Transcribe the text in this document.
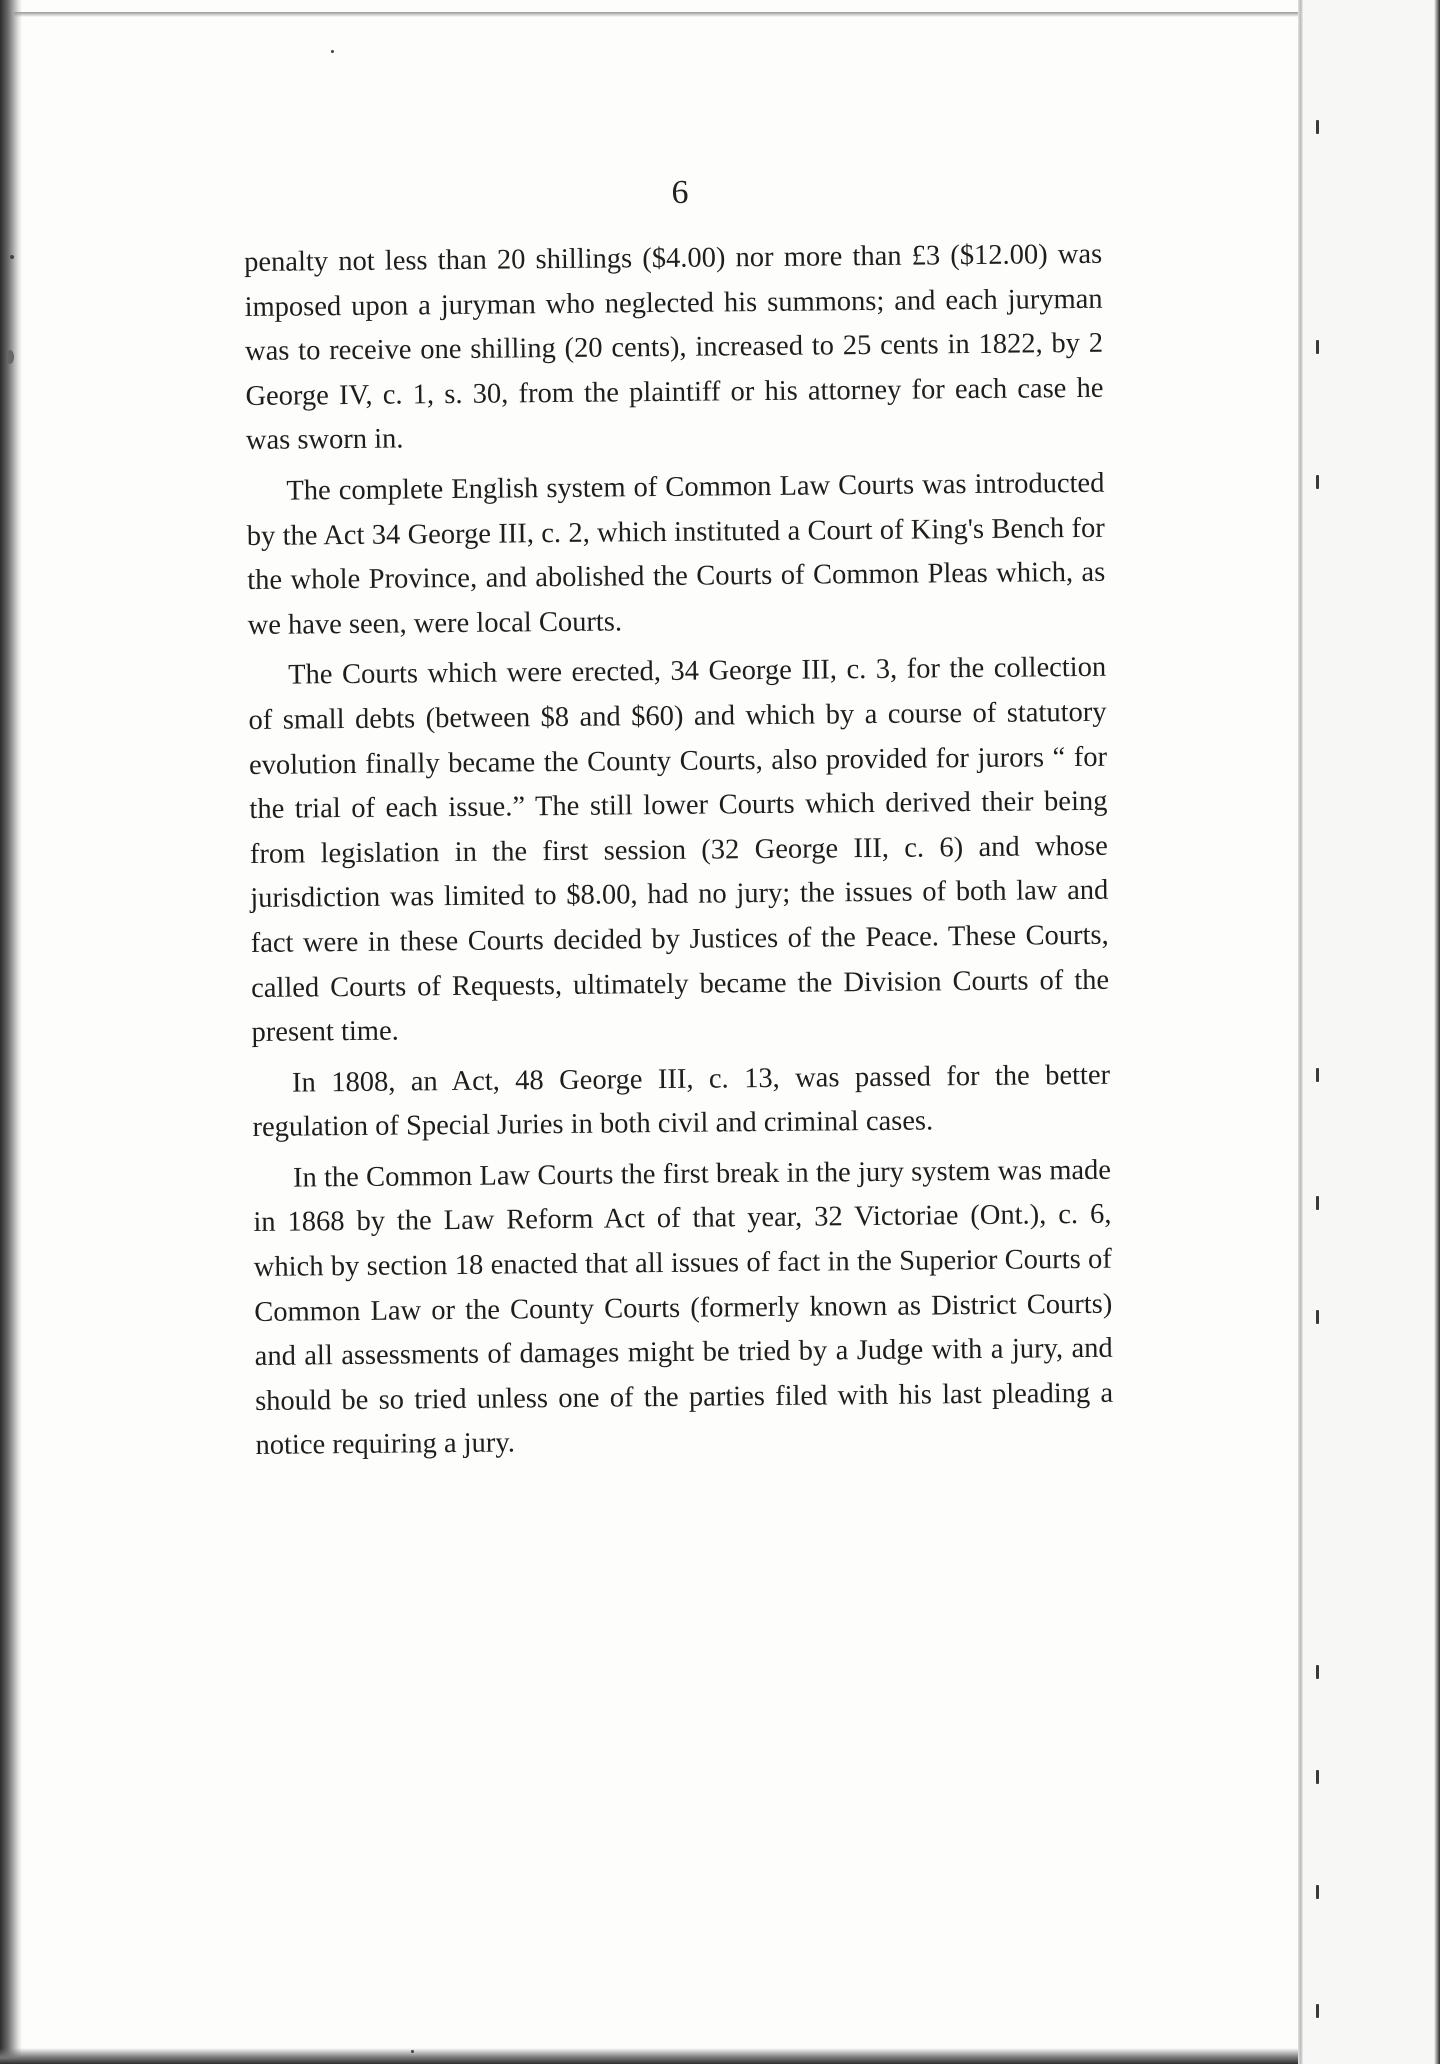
6

penalty not less than 20 shillings ($4.00) nor more than £3 ($12.00) was imposed upon a juryman who neglected his summons; and each juryman was to receive one shilling (20 cents), increased to 25 cents in 1822, by 2 George IV, c. 1, s. 30, from the plaintiff or his attorney for each case he was sworn in.

The complete English system of Common Law Courts was introducted by the Act 34 George III, c. 2, which instituted a Court of King's Bench for the whole Province, and abolished the Courts of Common Pleas which, as we have seen, were local Courts.

The Courts which were erected, 34 George III, c. 3, for the collection of small debts (between $8 and $60) and which by a course of statutory evolution finally became the County Courts, also provided for jurors “ for the trial of each issue.” The still lower Courts which derived their being from legislation in the first session (32 George III, c. 6) and whose jurisdiction was limited to $8.00, had no jury; the issues of both law and fact were in these Courts decided by Justices of the Peace. These Courts, called Courts of Requests, ultimately became the Division Courts of the present time.

In 1808, an Act, 48 George III, c. 13, was passed for the better regulation of Special Juries in both civil and criminal cases.

In the Common Law Courts the first break in the jury system was made in 1868 by the Law Reform Act of that year, 32 Victoriae (Ont.), c. 6, which by section 18 enacted that all issues of fact in the Superior Courts of Common Law or the County Courts (formerly known as District Courts) and all assessments of damages might be tried by a Judge with a jury, and should be so tried unless one of the parties filed with his last pleading a notice requiring a jury.
